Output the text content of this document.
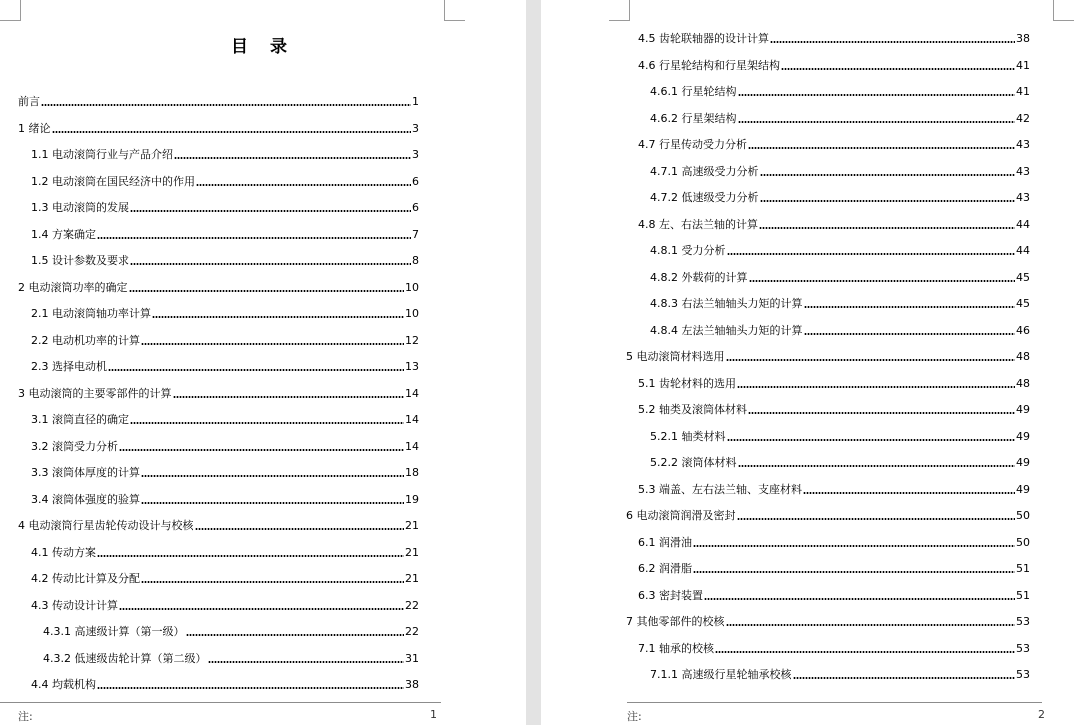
目 录
前言	1
1 绪论	3
1.1 电动滚筒行业与产品介绍	3
1.2 电动滚筒在国民经济中的作用	6
1.3 电动滚筒的发展	6
1.4 方案确定	7
1.5 设计参数及要求	8
2 电动滚筒功率的确定	10
2.1 电动滚筒轴功率计算	10
2.2 电动机功率的计算	12
2.3 选择电动机	13
3 电动滚筒的主要零部件的计算	14
3.1 滚筒直径的确定	14
3.2 滚筒受力分析	14
3.3 滚筒体厚度的计算	18
3.4 滚筒体强度的验算	19
4 电动滚筒行星齿轮传动设计与校核	21
4.1 传动方案	21
4.2 传动比计算及分配	21
4.3 传动设计计算	22
4.3.1 高速级计算（第一级）	22
4.3.2 低速级齿轮计算（第二级）	31
4.4 均载机构	38
注:	1
4.5 齿轮联轴器的设计计算	38
4.6 行星轮结构和行星架结构	41
4.6.1 行星轮结构	41
4.6.2 行星架结构	42
4.7 行星传动受力分析	43
4.7.1 高速级受力分析	43
4.7.2 低速级受力分析	43
4.8 左、右法兰轴的计算	44
4.8.1 受力分析	44
4.8.2 外载荷的计算	45
4.8.3 右法兰轴轴头力矩的计算	45
4.8.4 左法兰轴轴头力矩的计算	46
5 电动滚筒材料选用	48
5.1 齿轮材料的选用	48
5.2 轴类及滚筒体材料	49
5.2.1 轴类材料	49
5.2.2 滚筒体材料	49
5.3 端盖、左右法兰轴、支座材料	49
6 电动滚筒润滑及密封	50
6.1 润滑油	50
6.2 润滑脂	51
6.3 密封装置	51
7 其他零部件的校核	53
7.1 轴承的校核	53
7.1.1 高速级行星轮轴承校核	53
注:	2
